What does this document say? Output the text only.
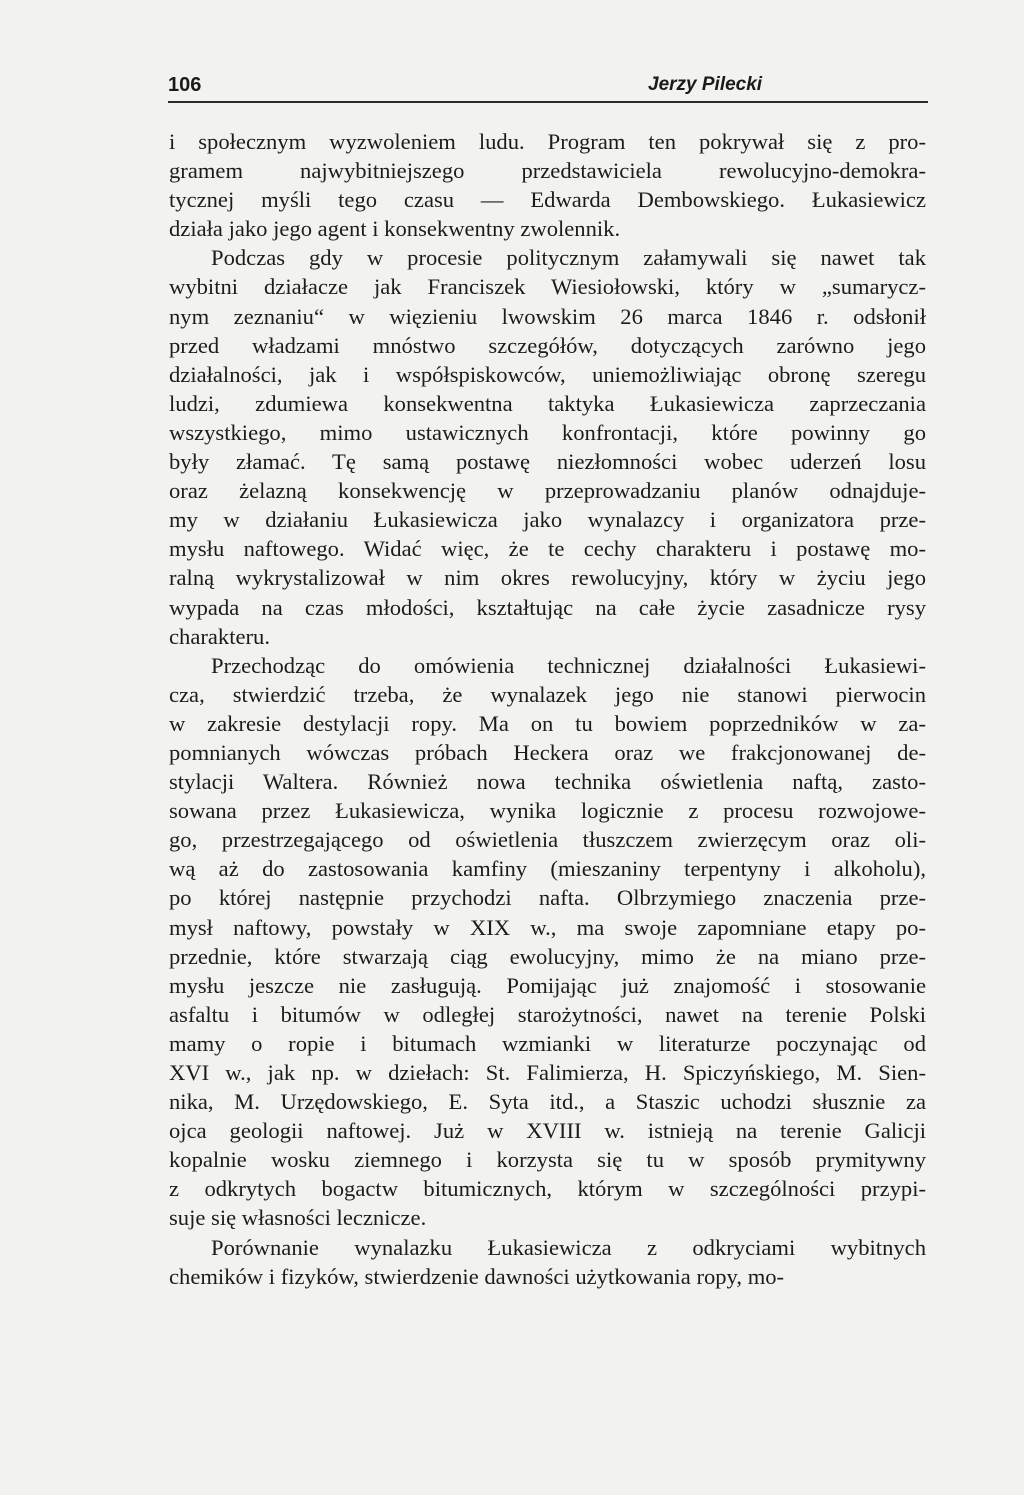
106	Jerzy Pilecki
i społecznym wyzwoleniem ludu. Program ten pokrywał się z pro-
gramem najwybitniejszego przedstawiciela rewolucyjno-demokra-
tycznej myśli tego czasu — Edwarda Dembowskiego. Łukasiewicz
działa jako jego agent i konsekwentny zwolennik.
Podczas gdy w procesie politycznym załamywali się nawet tak
wybitni działacze jak Franciszek Wiesiołowski, który w „sumarycz-
nym zeznaniu“ w więzieniu lwowskim 26 marca 1846 r. odsłonił
przed władzami mnóstwo szczegółów, dotyczących zarówno jego
działalności, jak i współspiskowców, uniemożliwiając obronę szeregu
ludzi, zdumiewa konsekwentna taktyka Łukasiewicza zaprzeczania
wszystkiego, mimo ustawicznych konfrontacji, które powinny go
były złamać. Tę samą postawę niezłomności wobec uderzeń losu
oraz żelazną konsekwencję w przeprowadzaniu planów odnajduje-
my w działaniu Łukasiewicza jako wynalazcy i organizatora prze-
mysłu naftowego. Widać więc, że te cechy charakteru i postawę mo-
ralną wykrystalizował w nim okres rewolucyjny, który w życiu jego
wypada na czas młodości, kształtując na całe życie zasadnicze rysy
charakteru.
Przechodząc do omówienia technicznej działalności Łukasiewi-
cza, stwierdzić trzeba, że wynalazek jego nie stanowi pierwocin
w zakresie destylacji ropy. Ma on tu bowiem poprzedników w za-
pomnianych wówczas próbach Heckera oraz we frakcjonowanej de-
stylacji Waltera. Również nowa technika oświetlenia naftą, zasto-
sowana przez Łukasiewicza, wynika logicznie z procesu rozwojowe-
go, przestrzegającego od oświetlenia tłuszczem zwierzęcym oraz oli-
wą aż do zastosowania kamfiny (mieszaniny terpentyny i alkoholu),
po której następnie przychodzi nafta. Olbrzymiego znaczenia prze-
mysł naftowy, powstały w XIX w., ma swoje zapomniane etapy po-
przednie, które stwarzają ciąg ewolucyjny, mimo że na miano prze-
mysłu jeszcze nie zasługują. Pomijając już znajomość i stosowanie
asfaltu i bitumów w odległej starożytności, nawet na terenie Polski
mamy o ropie i bitumach wzmianki w literaturze poczynając od
XVI w., jak np. w dziełach: St. Falimierza, H. Spiczyńskiego, M. Sien-
nika, M. Urzędowskiego, E. Syta itd., a Staszic uchodzi słusznie za
ojca geologii naftowej. Już w XVIII w. istnieją na terenie Galicji
kopalnie wosku ziemnego i korzysta się tu w sposób prymitywny
z odkrytych bogactw bitumicznych, którym w szczególności przypi-
suje się własności lecznicze.
Porównanie wynalazku Łukasiewicza z odkryciami wybitnych
chemików i fizyków, stwierdzenie dawności użytkowania ropy, mo-
